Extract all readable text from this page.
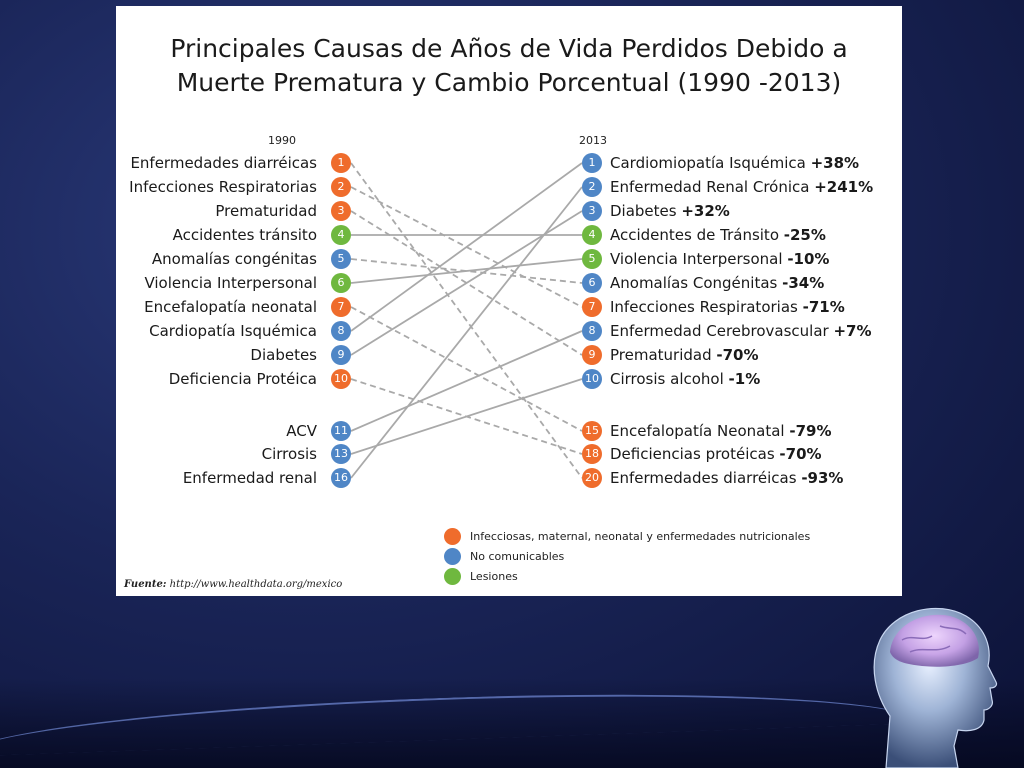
Principales Causas de Años de Vida Perdidos Debido a
Muerte Prematura y Cambio Porcentual (1990 -2013)
1990	2013
Enfermedades diarréicas	1
Infecciones Respiratorias	2
Prematuridad	3
Accidentes tránsito	4
Anomalías congénitas	5
Violencia Interpersonal	6
Encefalopatía neonatal	7
Cardiopatía Isquémica	8
Diabetes	9
Deficiencia Protéica 10
ACV 11
Cirrosis 13
Enfermedad renal 16
1 Cardiomiopatía Isquémica +38%
2 Enfermedad Renal Crónica +241%
3 Diabetes +32%
4 Accidentes de Tránsito -25%
5 Violencia Interpersonal -10%
6 Anomalías Congénitas -34%
7 Infecciones Respiratorias -71%
8 Enfermedad Cerebrovascular +7%
9 Prematuridad -70%
10 Cirrosis alcohol -1%
15 Encefalopatía Neonatal -79%
18 Deficiencias protéicas -70%
20 Enfermedades diarréicas -93%
Infecciosas, maternal, neonatal y enfermedades nutricionales
No comunicables
Lesiones
Fuente: http://www.healthdata.org/mexico
